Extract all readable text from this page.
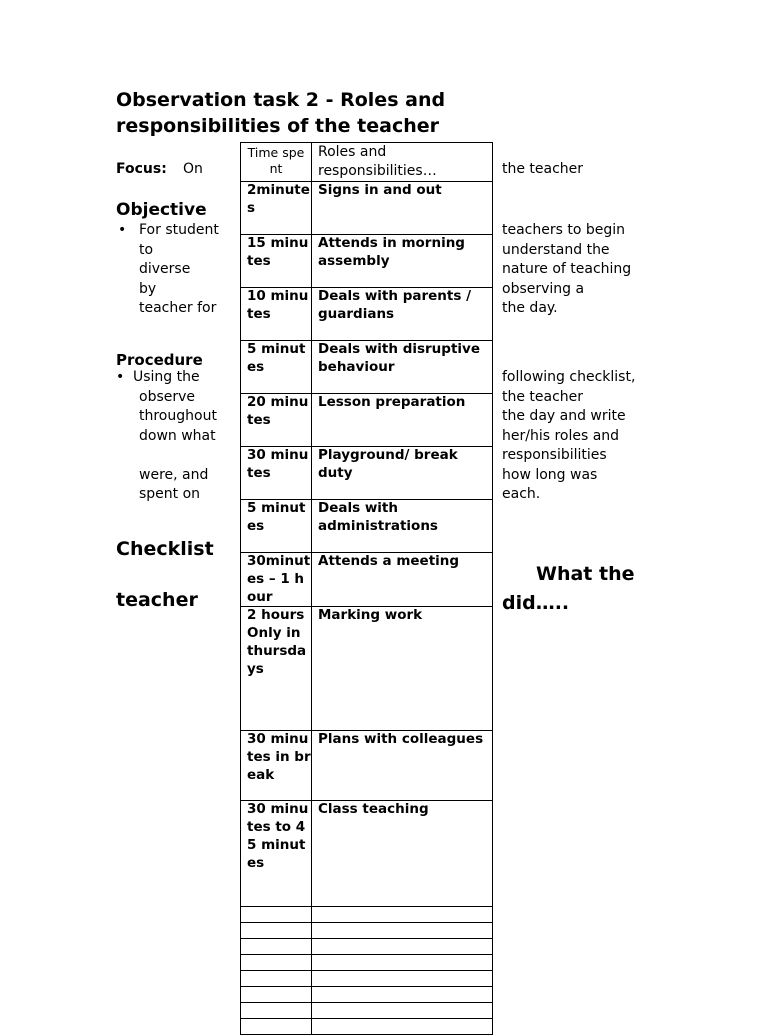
Observation task 2 - Roles and
responsibilities of the teacher
Focus: On	the teacher
Objective
• For student
to
diverse
by
teacher for
teachers to begin
understand the
nature of teaching
observing a
the day.
Procedure
• Using the
observe
throughout
down what
were, and
spent on
following checklist,
the teacher
the day and write
her/his roles and
responsibilities
how long was
each.
Checklist
teacher
What the
did…..
Time spent	Roles and responsibilities…
2minutes	Signs in and out
15 minutes	Attends in morning assembly
10 minutes	Deals with parents / guardians
5 minutes	Deals with disruptive behaviour
20 minutes	Lesson preparation
30 minutes	Playground/ break duty
5 minutes	Deals with administrations
30minutes – 1 hour	Attends a meeting
2 hours Only in thursdays	Marking work
30 minutes in break	Plans with colleagues
30 minutes to 45 minutes	Class teaching
